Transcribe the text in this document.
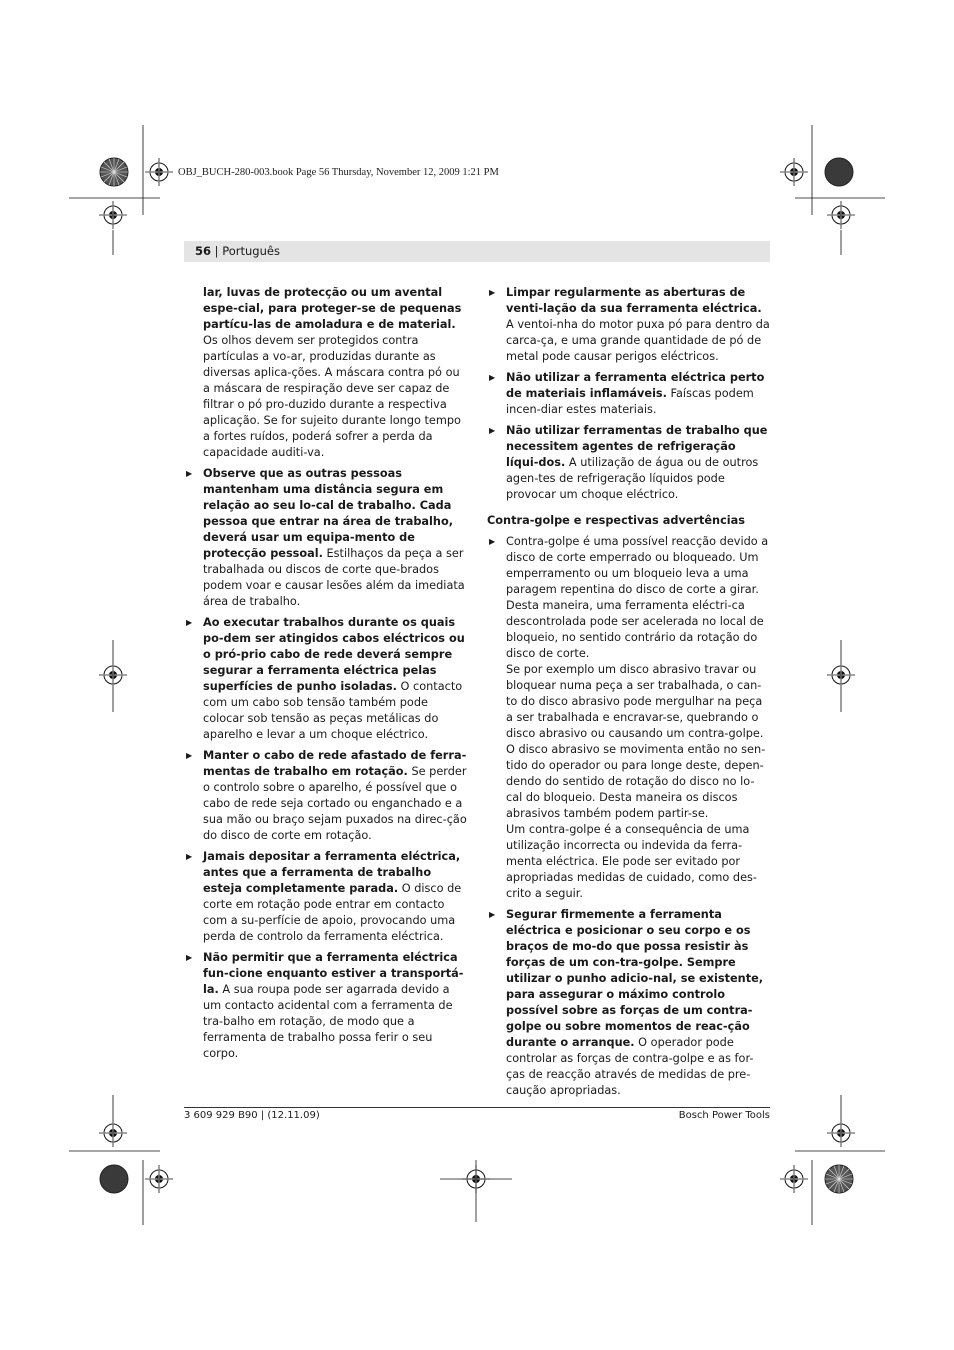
OBJ_BUCH-280-003.book Page 56 Thursday, November 12, 2009 1:21 PM
56 | Português
lar, luvas de protecção ou um avental espe-cial, para proteger-se de pequenas partícu-las de amoladura e de material. Os olhos devem ser protegidos contra partículas a vo-ar, produzidas durante as diversas aplica-ções. A máscara contra pó ou a máscara de respiração deve ser capaz de filtrar o pó pro-duzido durante a respectiva aplicação. Se for sujeito durante longo tempo a fortes ruídos, poderá sofrer a perda da capacidade auditi-va.
▶ Observe que as outras pessoas mantenham uma distância segura em relação ao seu lo-cal de trabalho. Cada pessoa que entrar na área de trabalho, deverá usar um equipa-mento de protecção pessoal. Estilhaços da peça a ser trabalhada ou discos de corte que-brados podem voar e causar lesões além da imediata área de trabalho.
▶ Ao executar trabalhos durante os quais po-dem ser atingidos cabos eléctricos ou o pró-prio cabo de rede deverá sempre segurar a ferramenta eléctrica pelas superfícies de punho isoladas. O contacto com um cabo sob tensão também pode colocar sob tensão as peças metálicas do aparelho e levar a um choque eléctrico.
▶ Manter o cabo de rede afastado de ferra-mentas de trabalho em rotação. Se perder o controlo sobre o aparelho, é possível que o cabo de rede seja cortado ou enganchado e a sua mão ou braço sejam puxados na direc-ção do disco de corte em rotação.
▶ Jamais depositar a ferramenta eléctrica, antes que a ferramenta de trabalho esteja completamente parada. O disco de corte em rotação pode entrar em contacto com a su-perfície de apoio, provocando uma perda de controlo da ferramenta eléctrica.
▶ Não permitir que a ferramenta eléctrica fun-cione enquanto estiver a transportá-la. A sua roupa pode ser agarrada devido a um contacto acidental com a ferramenta de tra-balho em rotação, de modo que a ferramenta de trabalho possa ferir o seu corpo.
▶ Limpar regularmente as aberturas de venti-lação da sua ferramenta eléctrica. A ventoi-nha do motor puxa pó para dentro da carca-ça, e uma grande quantidade de pó de metal pode causar perigos eléctricos.
▶ Não utilizar a ferramenta eléctrica perto de materiais inflamáveis. Faíscas podem incen-diar estes materiais.
▶ Não utilizar ferramentas de trabalho que necessitem agentes de refrigeração líqui-dos. A utilização de água ou de outros agen-tes de refrigeração líquidos pode provocar um choque eléctrico.
Contra-golpe e respectivas advertências
▶ Contra-golpe é uma possível reacção devido a disco de corte emperrado ou bloqueado. Um emperramento ou um bloqueio leva a uma paragem repentina do disco de corte a girar. Desta maneira, uma ferramenta eléctri-ca descontrolada pode ser acelerada no local de bloqueio, no sentido contrário da rotação do disco de corte.

Se por exemplo um disco abrasivo travar ou bloquear numa peça a ser trabalhada, o can-to do disco abrasivo pode mergulhar na peça a ser trabalhada e encravar-se, quebrando o disco abrasivo ou causando um contra-golpe. O disco abrasivo se movimenta então no sen-tido do operador ou para longe deste, depen-dendo do sentido de rotação do disco no lo-cal do bloqueio. Desta maneira os discos abrasivos também podem partir-se.

Um contra-golpe é a consequência de uma utilização incorrecta ou indevida da ferra-menta eléctrica. Ele pode ser evitado por apropriadas medidas de cuidado, como des-crito a seguir.

▶ Segurar firmemente a ferramenta eléctrica e posicionar o seu corpo e os braços de mo-do que possa resistir às forças de um con-tra-golpe. Sempre utilizar o punho adicio-nal, se existente, para assegurar o máximo controlo possível sobre as forças de um contra-golpe ou sobre momentos de reac-ção durante o arranque. O operador pode controlar as forças de contra-golpe e as for-ças de reacção através de medidas de pre-caução apropriadas.
3 609 929 B90 | (12.11.09)	Bosch Power Tools
